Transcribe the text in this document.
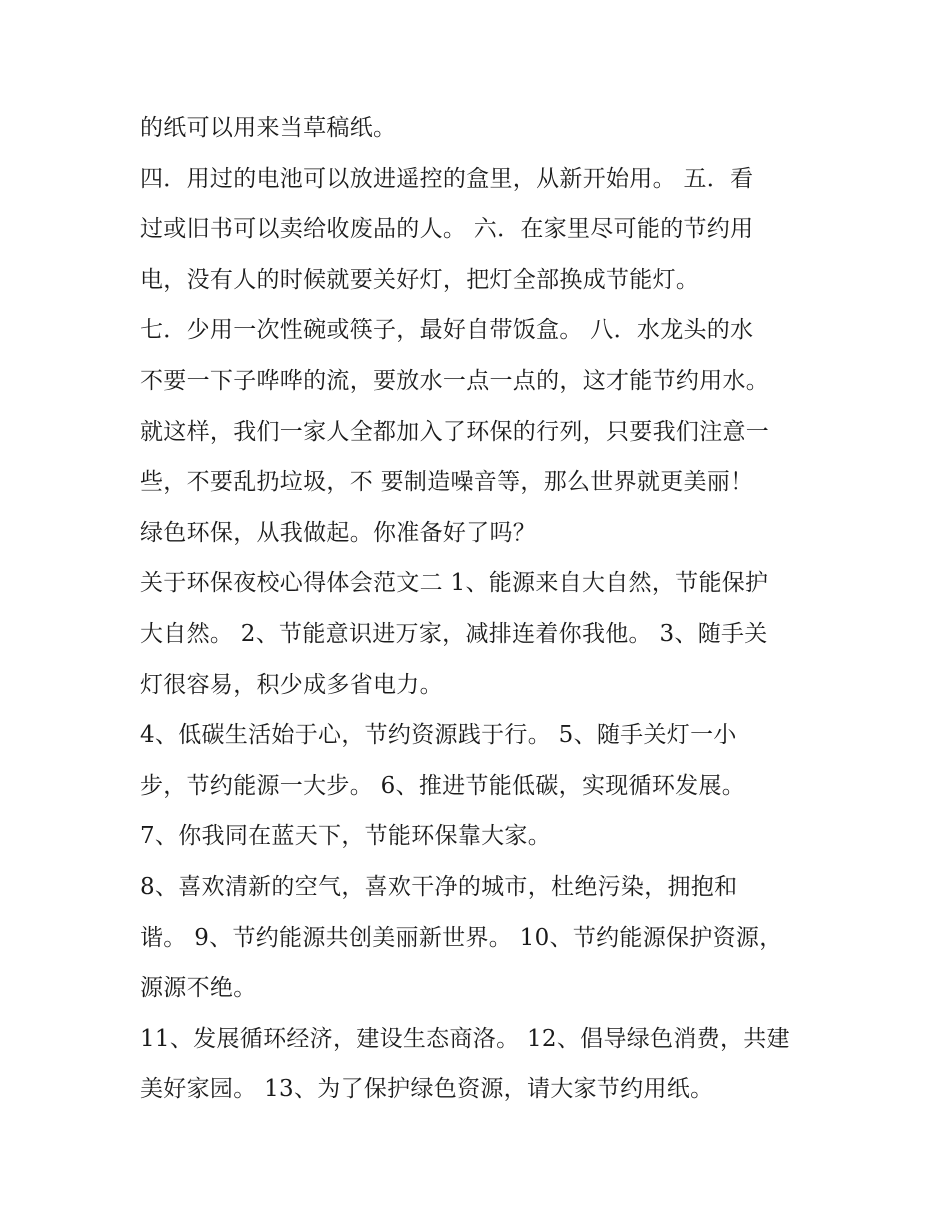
的纸可以用来当草稿纸。
四．用过的电池可以放进遥控的盒里，从新开始用。 五．看
过或旧书可以卖给收废品的人。 六．在家里尽可能的节约用
电，没有人的时候就要关好灯，把灯全部换成节能灯。
七．少用一次性碗或筷子，最好自带饭盒。 八．水龙头的水
不要一下子哗哗的流，要放水一点一点的，这才能节约用水。
就这样，我们一家人全都加入了环保的行列，只要我们注意一
些，不要乱扔垃圾，不 要制造噪音等，那么世界就更美丽！
绿色环保，从我做起。你准备好了吗？
关于环保夜校心得体会范文二 1、能源来自大自然，节能保护
大自然。 2、节能意识进万家，减排连着你我他。 3、随手关
灯很容易，积少成多省电力。
4、低碳生活始于心，节约资源践于行。 5、随手关灯一小
步，节约能源一大步。 6、推进节能低碳，实现循环发展。
7、你我同在蓝天下，节能环保靠大家。
8、喜欢清新的空气，喜欢干净的城市，杜绝污染，拥抱和
谐。 9、节约能源共创美丽新世界。 10、节约能源保护资源，
源源不绝。
11、发展循环经济，建设生态商洛。 12、倡导绿色消费，共建
美好家园。 13、为了保护绿色资源，请大家节约用纸。
